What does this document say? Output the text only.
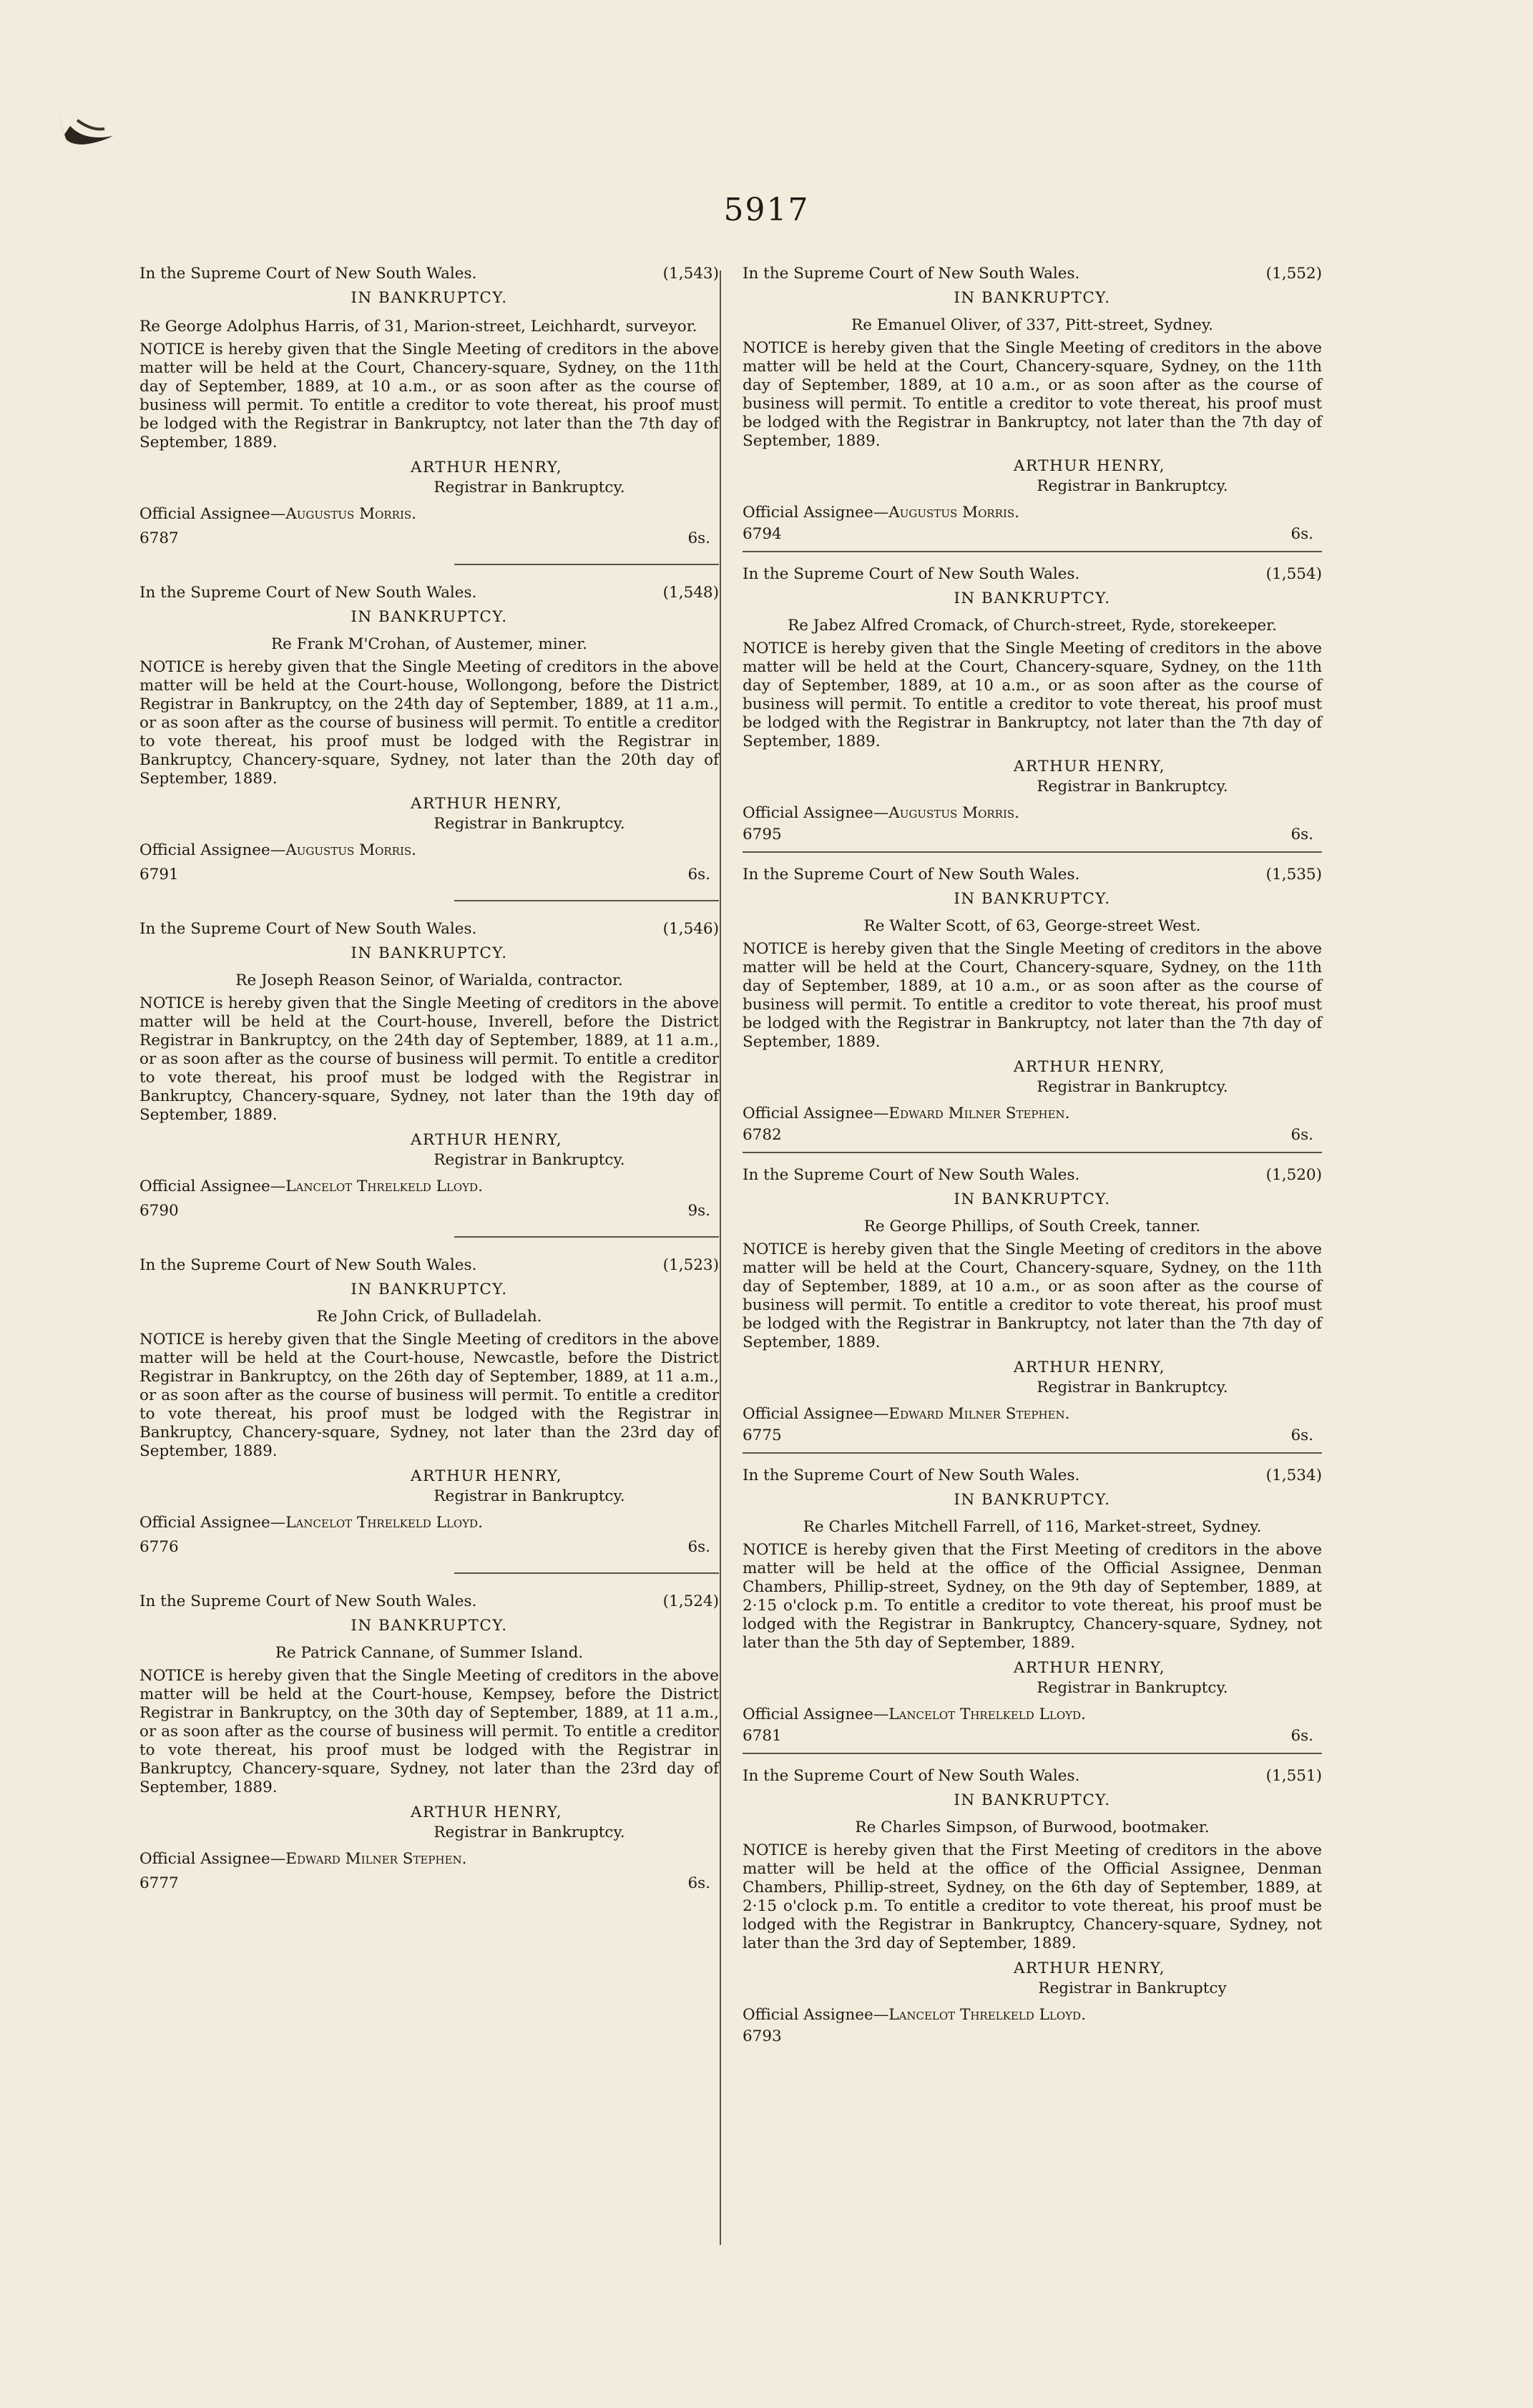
5917
In the Supreme Court of New South Wales.	(1,543)
IN BANKRUPTCY.
Re George Adolphus Harris, of 31, Marion-street, Leichhardt, surveyor.
NOTICE is hereby given that the Single Meeting of creditors in the above matter will be held at the Court, Chancery-square, Sydney, on the 11th day of September, 1889, at 10 a.m., or as soon after as the course of business will permit. To entitle a creditor to vote thereat, his proof must be lodged with the Registrar in Bankruptcy, not later than the 7th day of September, 1889.
ARTHUR HENRY,
Registrar in Bankruptcy.
Official Assignee—Augustus Morris.
6787	6s.
In the Supreme Court of New South Wales.	(1,548)
IN BANKRUPTCY.
Re Frank M'Crohan, of Austemer, miner.
NOTICE is hereby given that the Single Meeting of creditors in the above matter will be held at the Court-house, Wollongong, before the District Registrar in Bankruptcy, on the 24th day of September, 1889, at 11 a.m., or as soon after as the course of business will permit. To entitle a creditor to vote thereat, his proof must be lodged with the Registrar in Bankruptcy, Chancery-square, Sydney, not later than the 20th day of September, 1889.
ARTHUR HENRY,
Registrar in Bankruptcy.
Official Assignee—Augustus Morris.
6791	6s.
In the Supreme Court of New South Wales.	(1,546)
IN BANKRUPTCY.
Re Joseph Reason Seinor, of Warialda, contractor.
NOTICE is hereby given that the Single Meeting of creditors in the above matter will be held at the Court-house, Inverell, before the District Registrar in Bankruptcy, on the 24th day of September, 1889, at 11 a.m., or as soon after as the course of business will permit. To entitle a creditor to vote thereat, his proof must be lodged with the Registrar in Bankruptcy, Chancery-square, Sydney, not later than the 19th day of September, 1889.
ARTHUR HENRY,
Registrar in Bankruptcy.
Official Assignee—Lancelot Threlkeld Lloyd.
6790	9s.
In the Supreme Court of New South Wales.	(1,523)
IN BANKRUPTCY.
Re John Crick, of Bulladelah.
NOTICE is hereby given that the Single Meeting of creditors in the above matter will be held at the Court-house, Newcastle, before the District Registrar in Bankruptcy, on the 26th day of September, 1889, at 11 a.m., or as soon after as the course of business will permit. To entitle a creditor to vote thereat, his proof must be lodged with the Registrar in Bankruptcy, Chancery-square, Sydney, not later than the 23rd day of September, 1889.
ARTHUR HENRY,
Registrar in Bankruptcy.
Official Assignee—Lancelot Threlkeld Lloyd.
6776	6s.
In the Supreme Court of New South Wales.	(1,524)
IN BANKRUPTCY.
Re Patrick Cannane, of Summer Island.
NOTICE is hereby given that the Single Meeting of creditors in the above matter will be held at the Court-house, Kempsey, before the District Registrar in Bankruptcy, on the 30th day of September, 1889, at 11 a.m., or as soon after as the course of business will permit. To entitle a creditor to vote thereat, his proof must be lodged with the Registrar in Bankruptcy, Chancery-square, Sydney, not later than the 23rd day of September, 1889.
ARTHUR HENRY,
Registrar in Bankruptcy.
Official Assignee—Edward Milner Stephen.
6777	6s.
In the Supreme Court of New South Wales.	(1,552)
IN BANKRUPTCY.
Re Emanuel Oliver, of 337, Pitt-street, Sydney.
NOTICE is hereby given that the Single Meeting of creditors in the above matter will be held at the Court, Chancery-square, Sydney, on the 11th day of September, 1889, at 10 a.m., or as soon after as the course of business will permit. To entitle a creditor to vote thereat, his proof must be lodged with the Registrar in Bankruptcy, not later than the 7th day of September, 1889.
ARTHUR HENRY,
Registrar in Bankruptcy.
Official Assignee—Augustus Morris.
6794	6s.
In the Supreme Court of New South Wales.	(1,554)
IN BANKRUPTCY.
Re Jabez Alfred Cromack, of Church-street, Ryde, storekeeper.
NOTICE is hereby given that the Single Meeting of creditors in the above matter will be held at the Court, Chancery-square, Sydney, on the 11th day of September, 1889, at 10 a.m., or as soon after as the course of business will permit. To entitle a creditor to vote thereat, his proof must be lodged with the Registrar in Bankruptcy, not later than the 7th day of September, 1889.
ARTHUR HENRY,
Registrar in Bankruptcy.
Official Assignee—Augustus Morris.
6795	6s.
In the Supreme Court of New South Wales.	(1,535)
IN BANKRUPTCY.
Re Walter Scott, of 63, George-street West.
NOTICE is hereby given that the Single Meeting of creditors in the above matter will be held at the Court, Chancery-square, Sydney, on the 11th day of September, 1889, at 10 a.m., or as soon after as the course of business will permit. To entitle a creditor to vote thereat, his proof must be lodged with the Registrar in Bankruptcy, not later than the 7th day of September, 1889.
ARTHUR HENRY,
Registrar in Bankruptcy.
Official Assignee—Edward Milner Stephen.
6782	6s.
In the Supreme Court of New South Wales.	(1,520)
IN BANKRUPTCY.
Re George Phillips, of South Creek, tanner.
NOTICE is hereby given that the Single Meeting of creditors in the above matter will be held at the Court, Chancery-square, Sydney, on the 11th day of September, 1889, at 10 a.m., or as soon after as the course of business will permit. To entitle a creditor to vote thereat, his proof must be lodged with the Registrar in Bankruptcy, not later than the 7th day of September, 1889.
ARTHUR HENRY,
Registrar in Bankruptcy.
Official Assignee—Edward Milner Stephen.
6775	6s.
In the Supreme Court of New South Wales.	(1,534)
IN BANKRUPTCY.
Re Charles Mitchell Farrell, of 116, Market-street, Sydney.
NOTICE is hereby given that the First Meeting of creditors in the above matter will be held at the office of the Official Assignee, Denman Chambers, Phillip-street, Sydney, on the 9th day of September, 1889, at 2·15 o'clock p.m. To entitle a creditor to vote thereat, his proof must be lodged with the Registrar in Bankruptcy, Chancery-square, Sydney, not later than the 5th day of September, 1889.
ARTHUR HENRY,
Registrar in Bankruptcy.
Official Assignee—Lancelot Threlkeld Lloyd.
6781	6s.
In the Supreme Court of New South Wales.	(1,551)
IN BANKRUPTCY.
Re Charles Simpson, of Burwood, bootmaker.
NOTICE is hereby given that the First Meeting of creditors in the above matter will be held at the office of the Official Assignee, Denman Chambers, Phillip-street, Sydney, on the 6th day of September, 1889, at 2·15 o'clock p.m. To entitle a creditor to vote thereat, his proof must be lodged with the Registrar in Bankruptcy, Chancery-square, Sydney, not later than the 3rd day of September, 1889.
ARTHUR HENRY,
Registrar in Bankruptcy
Official Assignee—Lancelot Threlkeld Lloyd.
6793
